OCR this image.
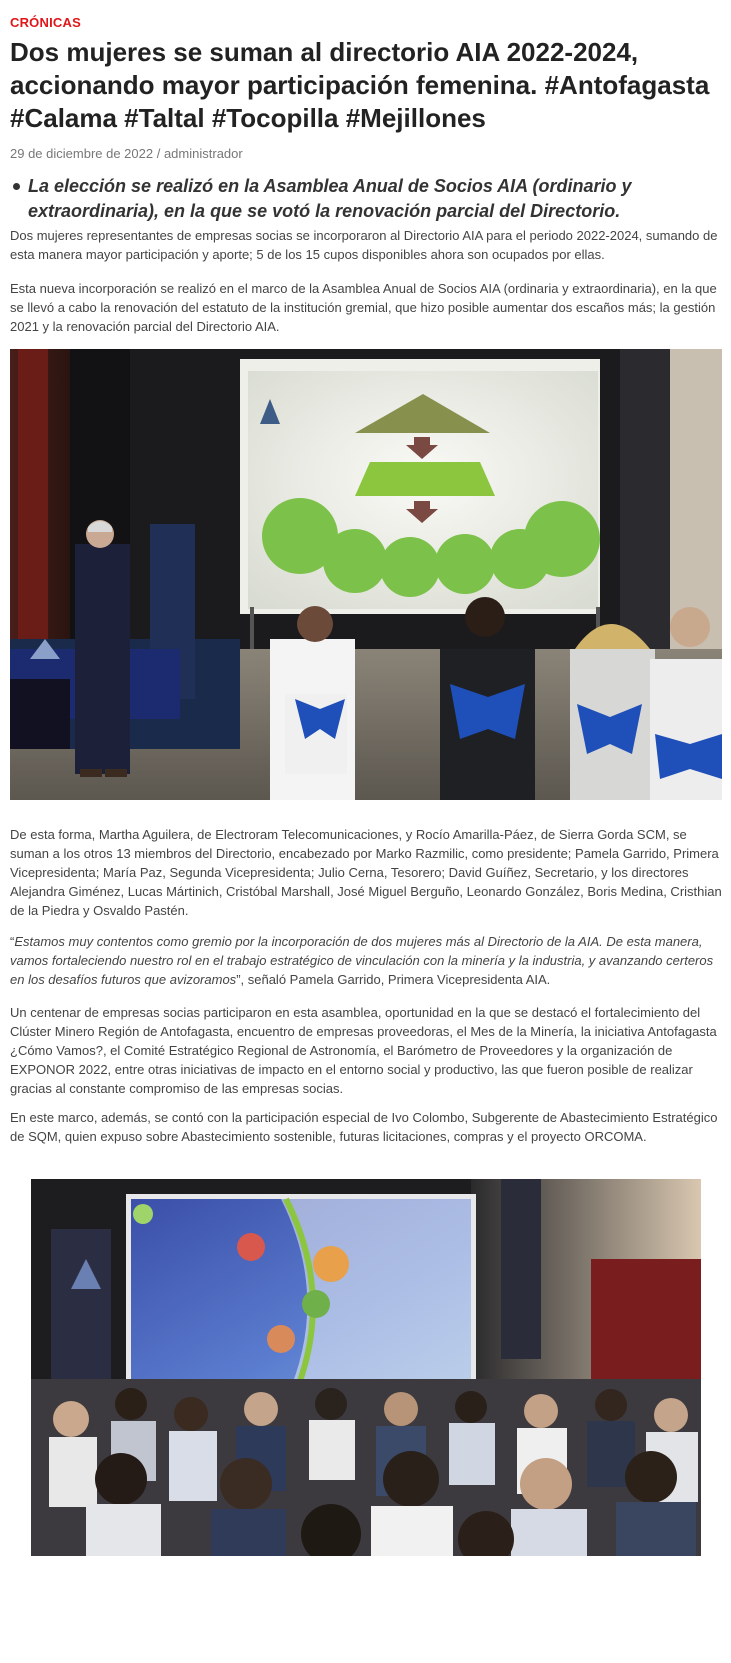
CRÓNICAS
Dos mujeres se suman al directorio AIA 2022-2024, accionando mayor participación femenina. #Antofagasta #Calama #Taltal #Tocopilla #Mejillones
29 de diciembre de 2022 / administrador
La elección se realizó en la Asamblea Anual de Socios AIA (ordinario y extraordinaria), en la que se votó la renovación parcial del Directorio.

Dos mujeres representantes de empresas socias se incorporaron al Directorio AIA para el periodo 2022-2024, sumando de esta manera mayor participación y aporte; 5 de los 15 cupos disponibles ahora son ocupados por ellas.

Esta nueva incorporación se realizó en el marco de la Asamblea Anual de Socios AIA (ordinaria y extraordinaria), en la que se llevó a cabo la renovación del estatuto de la institución gremial, que hizo posible aumentar dos escaños más; la gestión 2021 y la renovación parcial del Directorio AIA.

De esta forma, Martha Aguilera, de Electroram Telecomunicaciones, y Rocío Amarilla-Páez, de Sierra Gorda SCM, se suman a los otros 13 miembros del Directorio, encabezado por Marko Razmilic, como presidente; Pamela Garrido, Primera Vicepresidenta; María Paz, Segunda Vicepresidenta; Julio Cerna, Tesorero; David Guíñez, Secretario, y los directores Alejandra Giménez, Lucas Mártinich, Cristóbal Marshall, José Miguel Berguño, Leonardo González, Boris Medina, Cristhian de la Piedra y Osvaldo Pastén.

“Estamos muy contentos como gremio por la incorporación de dos mujeres más al Directorio de la AIA. De esta manera, vamos fortaleciendo nuestro rol en el trabajo estratégico de vinculación con la minería y la industria, y avanzando certeros en los desafíos futuros que avizoramos”, señaló Pamela Garrido, Primera Vicepresidenta AIA.

Un centenar de empresas socias participaron en esta asamblea, oportunidad en la que se destacó el fortalecimiento del Clúster Minero Región de Antofagasta, encuentro de empresas proveedoras, el Mes de la Minería, la iniciativa Antofagasta ¿Cómo Vamos?, el Comité Estratégico Regional de Astronomía, el Barómetro de Proveedores y la organización de EXPONOR 2022, entre otras iniciativas de impacto en el entorno social y productivo, las que fueron posible de realizar gracias al constante compromiso de las empresas socias.

En este marco, además, se contó con la participación especial de Ivo Colombo, Subgerente de Abastecimiento Estratégico de SQM, quien expuso sobre Abastecimiento sostenible, futuras licitaciones, compras y el proyecto ORCOMA.
